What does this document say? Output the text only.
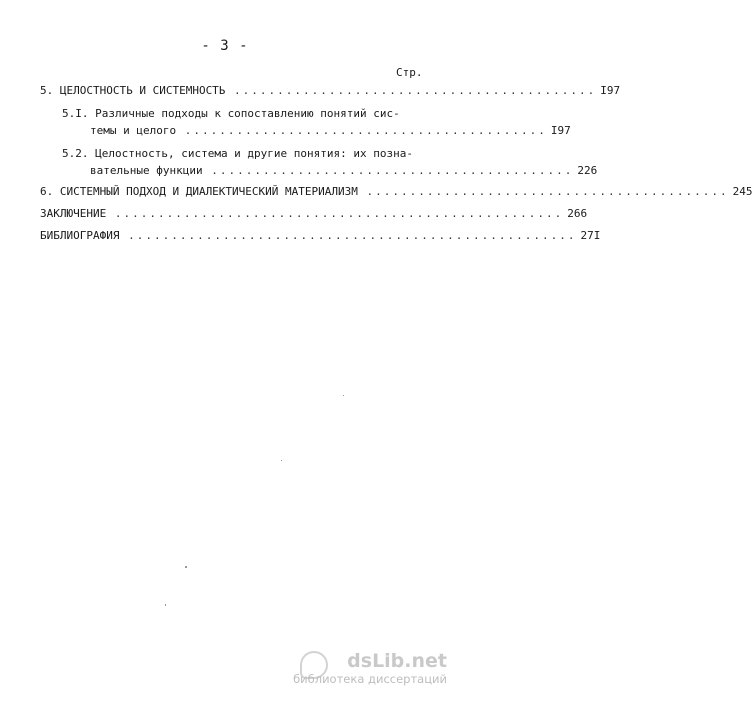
- 3 -
Стр.
5. ЦЕЛОСТНОСТЬ И СИСТЕМНОСТЬ .......................................... I97
5.I. Различные подходы к сопоставлению понятий сис-
темы и целого .......................................... I97
5.2. Целостность, система и другие понятия: их позна-
вательные функции .......................................... 226
6. СИСТЕМНЫЙ ПОДХОД И ДИАЛЕКТИЧЕСКИЙ МАТЕРИАЛИЗМ .......................................... 245
ЗАКЛЮЧЕНИЕ .................................................... 266
БИБЛИОГРАФИЯ .................................................... 27I
dsLib.net
библиотека диссертаций
